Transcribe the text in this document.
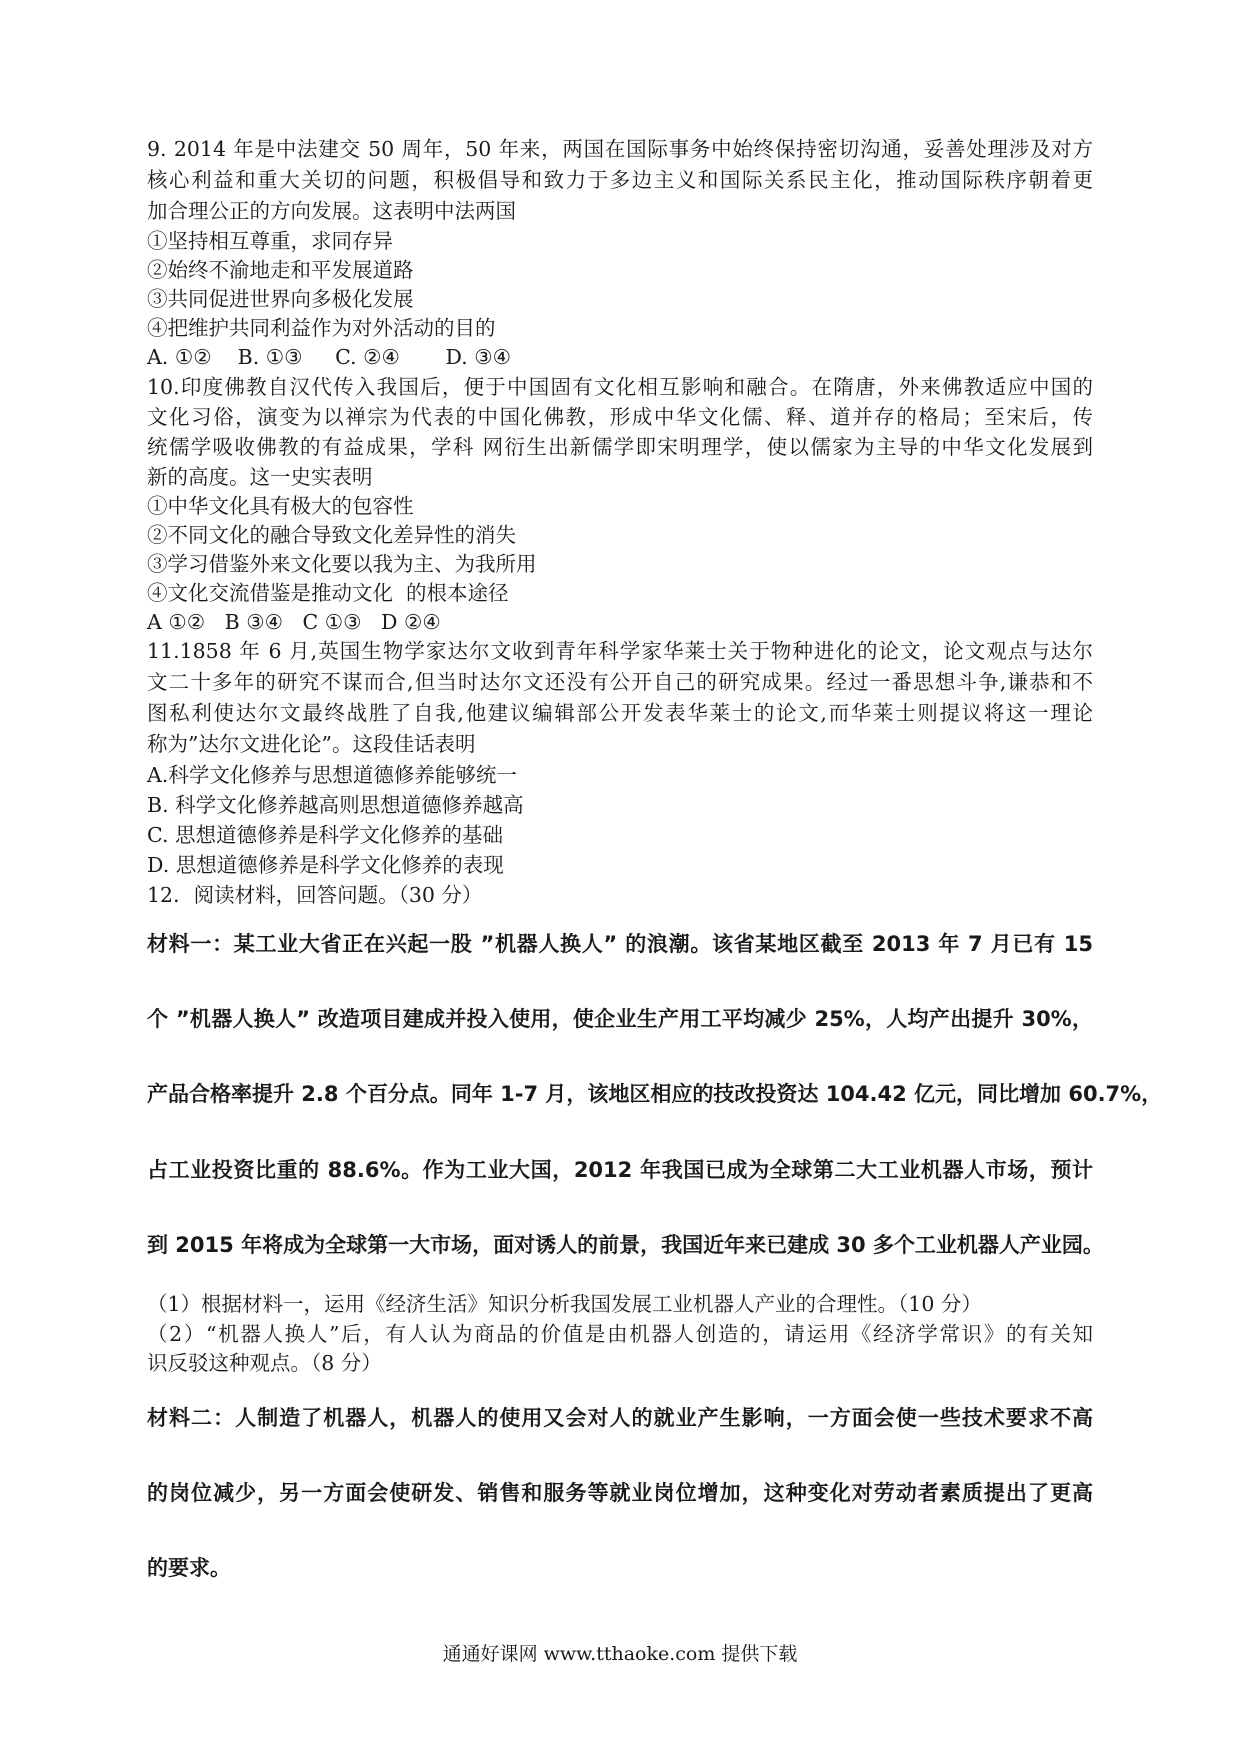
9. 2014 年是中法建交 50 周年，50 年来，两国在国际事务中始终保持密切沟通，妥善处理涉及对方
核心利益和重大关切的问题，积极倡导和致力于多边主义和国际关系民主化，推动国际秩序朝着更
加合理公正的方向发展。这表明中法两国
①坚持相互尊重，求同存异
②始终不渝地走和平发展道路
③共同促进世界向多极化发展
④把维护共同利益作为对外活动的目的
A. ①②    B. ①③     C. ②④       D. ③④
10.印度佛教自汉代传入我国后，便于中国固有文化相互影响和融合。在隋唐，外来佛教适应中国的
文化习俗，演变为以禅宗为代表的中国化佛教，形成中华文化儒、释、道并存的格局；至宋后，传
统儒学吸收佛教的有益成果，学科 网衍生出新儒学即宋明理学，使以儒家为主导的中华文化发展到
新的高度。这一史实表明
①中华文化具有极大的包容性
②不同文化的融合导致文化差异性的消失
③学习借鉴外来文化要以我为主、为我所用
④文化交流借鉴是推动文化  的根本途径
A ①②   B ③④   C ①③   D ②④
11.1858 年 6 月,英国生物学家达尔文收到青年科学家华莱士关于物种进化的论文，论文观点与达尔
文二十多年的研究不谋而合,但当时达尔文还没有公开自己的研究成果。经过一番思想斗争,谦恭和不
图私利使达尔文最终战胜了自我,他建议编辑部公开发表华莱士的论文,而华莱士则提议将这一理论
称为”达尔文进化论”。这段佳话表明
A.科学文化修养与思想道德修养能够统一
B. 科学文化修养越高则思想道德修养越高
C. 思想道德修养是科学文化修养的基础
D. 思想道德修养是科学文化修养的表现
12．阅读材料，回答问题。（30 分）
材料一：某工业大省正在兴起一股 ”机器人换人” 的浪潮。该省某地区截至 2013 年 7 月已有 15
个 ”机器人换人” 改造项目建成并投入使用，使企业生产用工平均减少 25%，人均产出提升 30%，
产品合格率提升 2.8 个百分点。同年 1-7 月，该地区相应的技改投资达 104.42 亿元，同比增加 60.7%，
占工业投资比重的 88.6%。作为工业大国，2012 年我国已成为全球第二大工业机器人市场，预计
到 2015 年将成为全球第一大市场，面对诱人的前景，我国近年来已建成 30 多个工业机器人产业园。
（1）根据材料一，运用《经济生活》知识分析我国发展工业机器人产业的合理性。（10 分）
（2）“机器人换人”后，有人认为商品的价值是由机器人创造的，请运用《经济学常识》的有关知
识反驳这种观点。（8 分）
材料二：人制造了机器人，机器人的使用又会对人的就业产生影响，一方面会使一些技术要求不高
的岗位减少，另一方面会使研发、销售和服务等就业岗位增加，这种变化对劳动者素质提出了更高
的要求。
通通好课网 www.tthaoke.com 提供下载
